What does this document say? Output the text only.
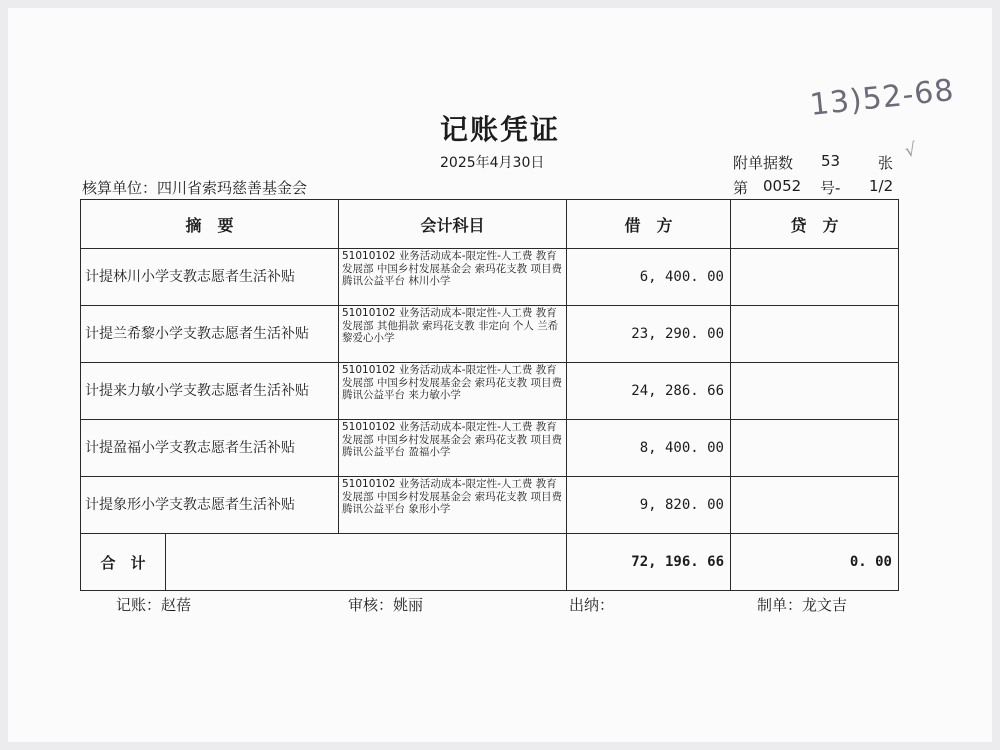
13)52-68
√
记账凭证
2025年4月30日
核算单位：四川省索玛慈善基金会
附单据数 53	张
第 0052 号- 1/2
摘　要	会计科目	借　方	贷　方
计提林川小学支教志愿者生活补贴	51010102 业务活动成本-限定性-人工费 教育发展部 中国乡村发展基金会 索玛花支教 项目费 腾讯公益平台 林川小学	6, 400. 00	
计提兰希黎小学支教志愿者生活补贴	51010102 业务活动成本-限定性-人工费 教育发展部 其他捐款 索玛花支教 非定向 个人 兰希黎爱心小学	23, 290. 00	
计提来力敏小学支教志愿者生活补贴	51010102 业务活动成本-限定性-人工费 教育发展部 中国乡村发展基金会 索玛花支教 项目费 腾讯公益平台 来力敏小学	24, 286. 66	
计提盈福小学支教志愿者生活补贴	51010102 业务活动成本-限定性-人工费 教育发展部 中国乡村发展基金会 索玛花支教 项目费 腾讯公益平台 盈福小学	8, 400. 00	
计提象形小学支教志愿者生活补贴	51010102 业务活动成本-限定性-人工费 教育发展部 中国乡村发展基金会 索玛花支教 项目费 腾讯公益平台 象形小学	9, 820. 00	

合　计		72, 196. 66	0. 00
记账：赵蓓	审核：姚丽	出纳：	制单：龙文吉
